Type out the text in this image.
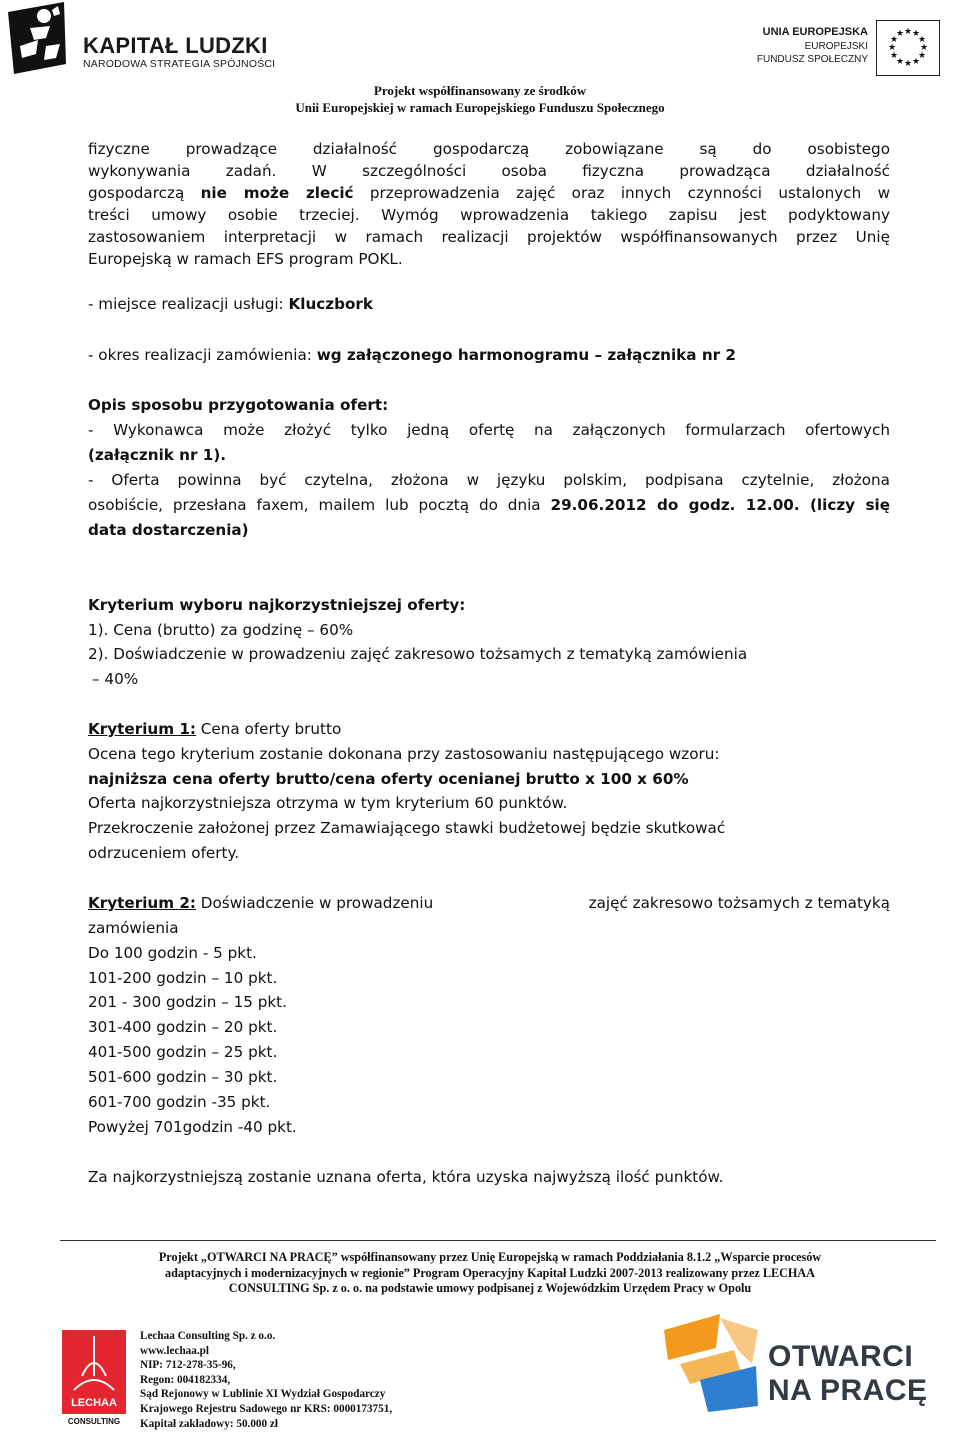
KAPITAŁ LUDZKI
NARODOWA STRATEGIA SPÓJNOŚCI
UNIA EUROPEJSKA
EUROPEJSKI
FUNDUSZ SPOŁECZNY
★ ★
★
★
★
★
★
★
★
★
★
★
Projekt współfinansowany ze środków
Unii Europejskiej w ramach Europejskiego Funduszu Społecznego
fizyczne prowadzące działalność gospodarczą zobowiązane są do osobistego
wykonywania zadań. W szczególności osoba fizyczna prowadząca działalność
gospodarczą nie może zlecić przeprowadzenia zajęć oraz innych czynności ustalonych w
treści umowy osobie trzeciej. Wymóg wprowadzenia takiego zapisu jest podyktowany
zastosowaniem interpretacji w ramach realizacji projektów współfinansowanych przez Unię
Europejską w ramach EFS program POKL.
- miejsce realizacji usługi: Kluczbork
- okres realizacji zamówienia: wg załączonego harmonogramu – załącznika nr 2
Opis sposobu przygotowania ofert:
- Wykonawca może złożyć tylko jedną ofertę na załączonych formularzach ofertowych
(załącznik nr 1).
- Oferta powinna być czytelna, złożona w języku polskim, podpisana czytelnie, złożona
osobiście, przesłana faxem, mailem lub pocztą do dnia 29.06.2012 do godz. 12.00. (liczy się
data dostarczenia)
Kryterium wyboru najkorzystniejszej oferty:
1). Cena (brutto) za godzinę – 60%
2). Doświadczenie w prowadzeniu zajęć zakresowo tożsamych z tematyką zamówienia
– 40%
Kryterium 1: Cena oferty brutto
Ocena tego kryterium zostanie dokonana przy zastosowaniu następującego wzoru:
najniższa cena oferty brutto/cena oferty ocenianej brutto x 100 x 60%
Oferta najkorzystniejsza otrzyma w tym kryterium 60 punktów.
Przekroczenie założonej przez Zamawiającego stawki budżetowej będzie skutkować
odrzuceniem oferty.
Kryterium 2: Doświadczenie w prowadzeniu	zajęć zakresowo tożsamych z tematyką
zamówienia
Do 100 godzin - 5 pkt.
101-200 godzin – 10 pkt.
201 - 300 godzin – 15 pkt.
301-400 godzin – 20 pkt.
401-500 godzin – 25 pkt.
501-600 godzin – 30 pkt.
601-700 godzin -35 pkt.
Powyżej 701godzin -40 pkt.
Za najkorzystniejszą zostanie uznana oferta, która uzyska najwyższą ilość punktów.
Projekt „OTWARCI NA PRACĘ” współfinansowany przez Unię Europejską w ramach Poddziałania 8.1.2 „Wsparcie procesów
adaptacyjnych i modernizacyjnych w regionie” Program Operacyjny Kapitał Ludzki 2007-2013 realizowany przez LECHAA
CONSULTING Sp. z o. o. na podstawie umowy podpisanej z Wojewódzkim Urzędem Pracy w Opolu
LECHAA
CONSULTING
Lechaa Consulting Sp. z o.o.
www.lechaa.pl
NIP: 712-278-35-96,
Regon: 004182334,
Sąd Rejonowy w Lublinie XI Wydział Gospodarczy
Krajowego Rejestru Sadowego nr KRS: 0000173751,
Kapitał zakładowy: 50.000 zł
OTWARCI
NA PRACĘ
